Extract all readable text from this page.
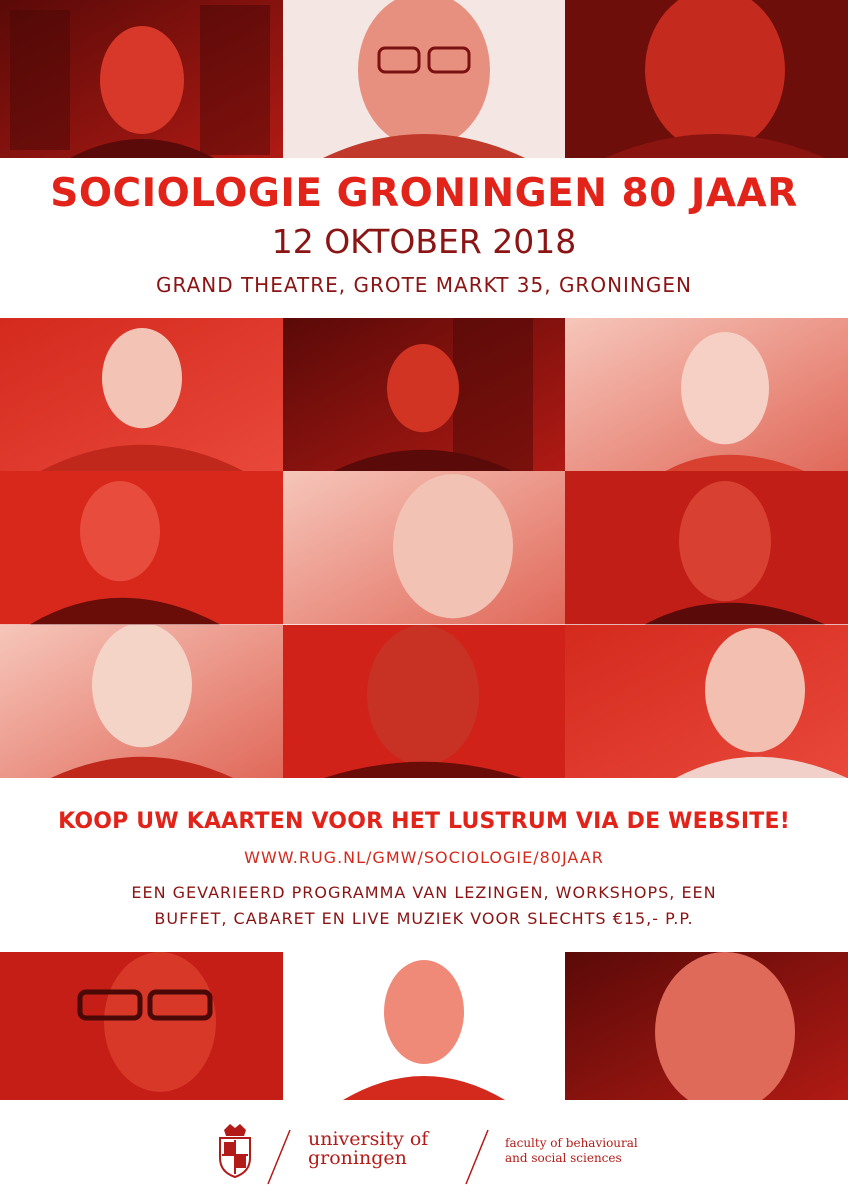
SOCIOLOGIE GRONINGEN 80 JAAR
12 OKTOBER 2018
GRAND THEATRE, GROTE MARKT 35, GRONINGEN
KOOP UW KAARTEN VOOR HET LUSTRUM VIA DE WEBSITE!
WWW.RUG.NL/GMW/SOCIOLOGIE/80JAAR
EEN GEVARIEERD PROGRAMMA VAN LEZINGEN, WORKSHOPS, EEN
BUFFET, CABARET EN LIVE MUZIEK VOOR SLECHTS €15,- P.P.
university of
groningen
faculty of behavioural
and social sciences
